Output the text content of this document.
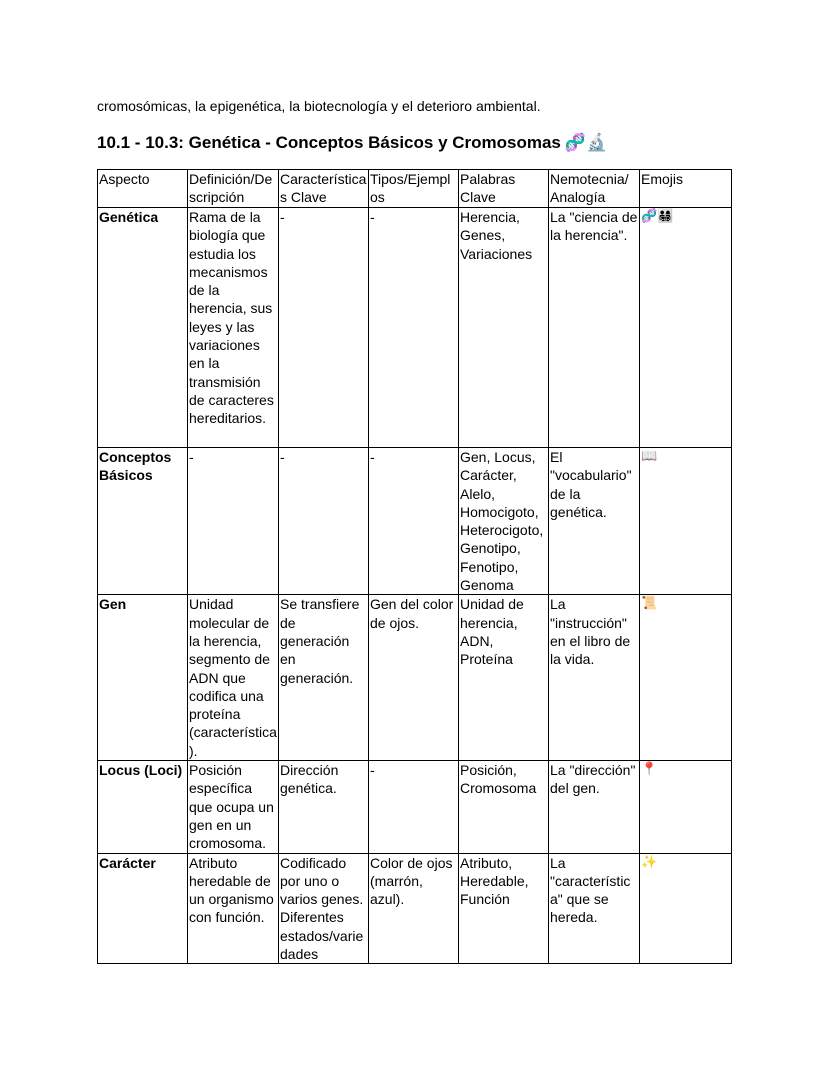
cromosómicas, la epigenética, la biotecnología y el deterioro ambiental.
10.1 - 10.3: Genética - Conceptos Básicos y Cromosomas 🧬🔬
Aspecto	Definición/Descripción	Características Clave	Tipos/Ejemplos	Palabras Clave	Nemotecnia/ Analogía	Emojis
Genética	Rama de la biología que estudia los mecanismos de la herencia, sus leyes y las variaciones en la transmisión de caracteres hereditarios.	-	-	Herencia, Genes, Variaciones	La "ciencia de la herencia".	🧬👨‍👩‍👧‍👦
Conceptos Básicos	-	-	-	Gen, Locus, Carácter, Alelo, Homocigoto, Heterocigoto, Genotipo, Fenotipo, Genoma	El "vocabulario" de la genética.	📖
Gen	Unidad molecular de la herencia, segmento de ADN que codifica una proteína (característica).	Se transfiere de generación en generación.	Gen del color de ojos.	Unidad de herencia, ADN, Proteína	La "instrucción" en el libro de la vida.	📜
Locus (Loci)	Posición específica que ocupa un gen en un cromosoma.	Dirección genética.	-	Posición, Cromosoma	La "dirección" del gen.	📍
Carácter	Atributo heredable de un organismo con función.	Codificado por uno o varios genes. Diferentes estados/variedades	Color de ojos (marrón, azul).	Atributo, Heredable, Función	La "característica" que se hereda.	✨
